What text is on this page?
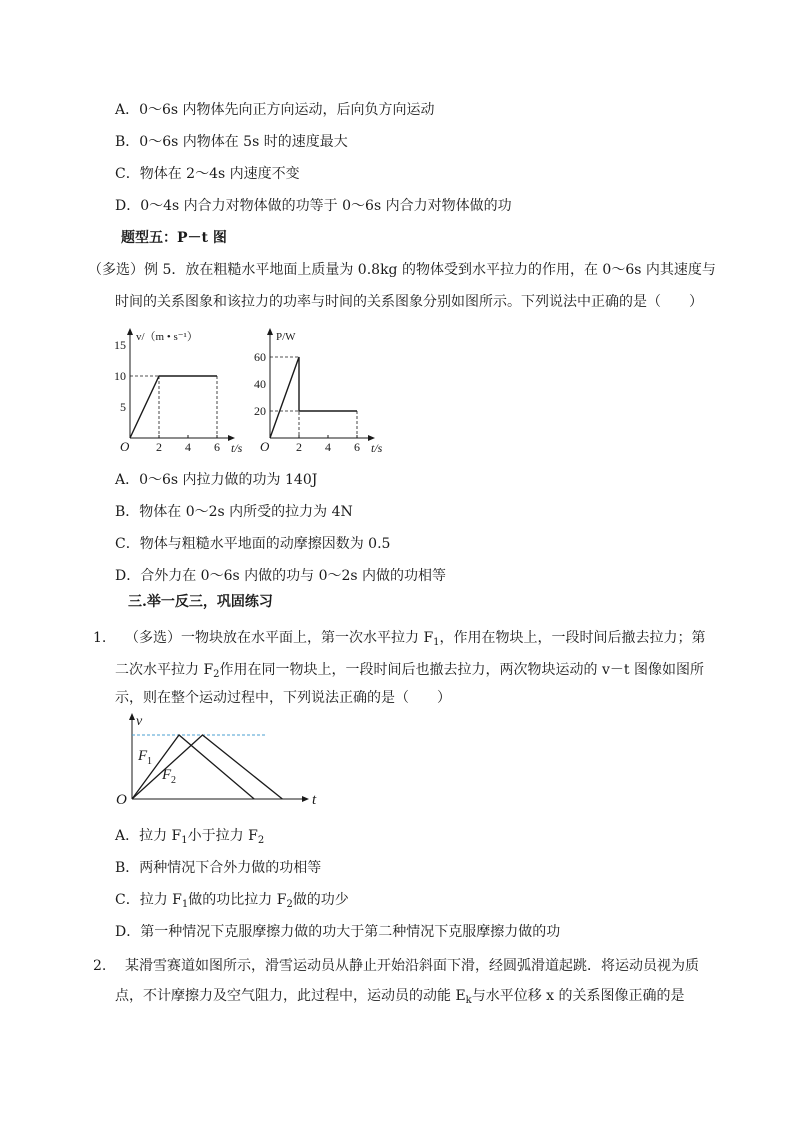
A．0～6s 内物体先向正方向运动，后向负方向运动
B．0～6s 内物体在 5s 时的速度最大
C．物体在 2～4s 内速度不变
D．0～4s 内合力对物体做的功等于 0～6s 内合力对物体做的功
题型五：P－t 图
（多选）例 5．放在粗糙水平地面上质量为 0.8kg 的物体受到水平拉力的作用，在 0～6s 内其速度与
时间的关系图象和该拉力的功率与时间的关系图象分别如图所示。下列说法中正确的是（　　）
5
10
15
2 4 6
O	t/s
v/（m • s⁻¹）
20
40
60
2 4 6
O	t/s
P/W
A．0～6s 内拉力做的功为 140J
B．物体在 0～2s 内所受的拉力为 4N
C．物体与粗糙水平地面的动摩擦因数为 0.5
D．合外力在 0～6s 内做的功与 0～2s 内做的功相等
三.举一反三，巩固练习
1. （多选）一物块放在水平面上，第一次水平拉力 $F_1$，作用在物块上，一段时间后撤去拉力；第
二次水平拉力 $F_2$作用在同一物块上，一段时间后也撤去拉力，两次物块运动的 v－t 图像如图所
示，则在整个运动过程中，下列说法正确的是（　　）
O	t
v
F 1
F 2
A．拉力 $F_1$小于拉力 $F_2$
B．两种情况下合外力做的功相等
C．拉力 $F_1$做的功比拉力 $F_2$做的功少
D．第一种情况下克服摩擦力做的功大于第二种情况下克服摩擦力做的功
2. 某滑雪赛道如图所示，滑雪运动员从静止开始沿斜面下滑，经圆弧滑道起跳．将运动员视为质
点，不计摩擦力及空气阻力，此过程中，运动员的动能 $E_k$与水平位移 x 的关系图像正确的是
